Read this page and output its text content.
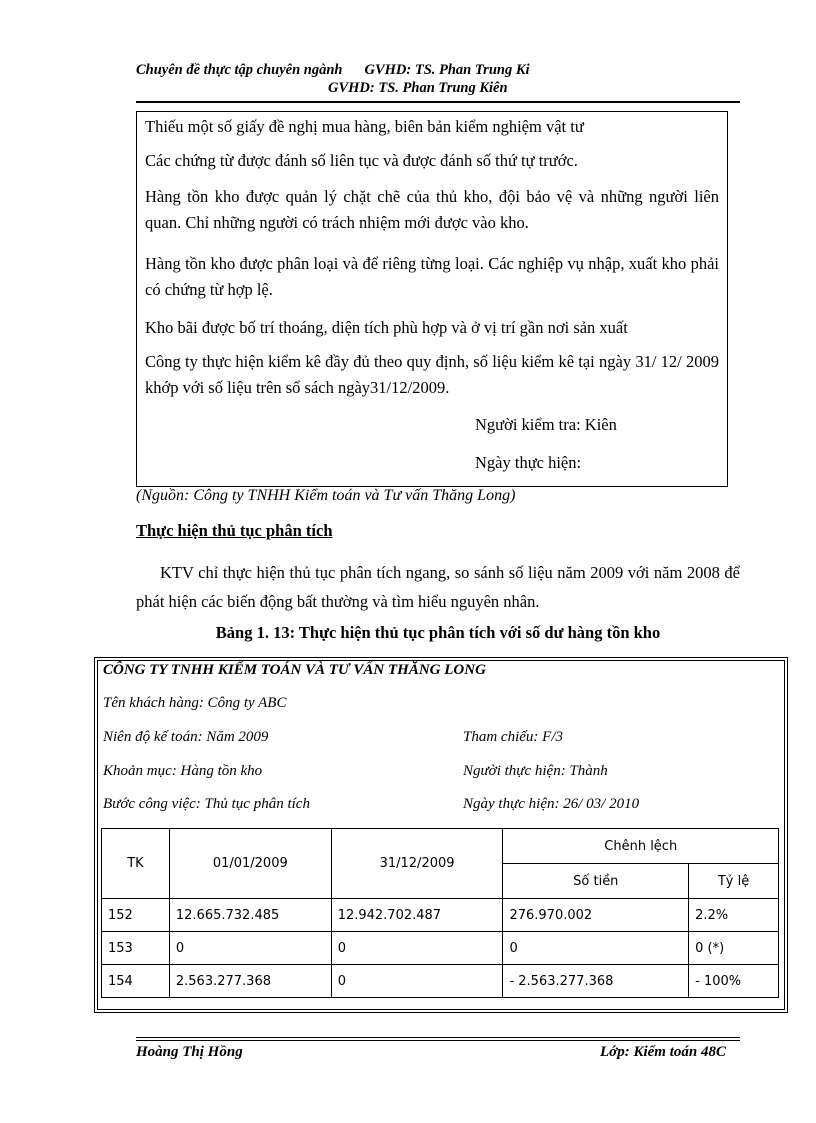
Chuyên đề thực tập chuyên ngành GVHD: TS. Phan Trung Ki
GVHD: TS. Phan Trung Kiên

Thiếu một số giấy đề nghị mua hàng, biên bản kiểm nghiệm vật tư

Các chứng từ được đánh số liên tục và được đánh số thứ tự trước.

Hàng tồn kho được quản lý chặt chẽ của thủ kho, đội bảo vệ và những người liên quan. Chỉ những người có trách nhiệm mới được vào kho.

Hàng tồn kho được phân loại và để riêng từng loại. Các nghiệp vụ nhập, xuất kho phải có chứng từ hợp lệ.

Kho bãi được bố trí thoáng, diện tích phù hợp và ở vị trí gần nơi sản xuất

Công ty thực hiện kiểm kê đầy đủ theo quy định, số liệu kiểm kê tại ngày 31/ 12/ 2009 khớp với số liệu trên sổ sách ngày31/12/2009.

Người kiểm tra: Kiên

Ngày thực hiện:

(Nguồn: Công ty TNHH Kiểm toán và Tư vấn Thăng Long)
Thực hiện thủ tục phân tích
KTV chỉ thực hiện thủ tục phân tích ngang, so sánh số liệu năm 2009 với năm 2008 để phát hiện các biến động bất thường và tìm hiểu nguyên nhân.
Bảng 1. 13: Thực hiện thủ tục phân tích với số dư hàng tồn kho
CÔNG TY TNHH KIỂM TOÁN VÀ TƯ VẤN THĂNG LONG
Tên khách hàng: Công ty ABC
Niên độ kế toán: Năm 2009	Tham chiếu: F/3
Khoản mục: Hàng tồn kho	Người thực hiện: Thành
Bước công việc: Thủ tục phân tích	Ngày thực hiện: 26/ 03/ 2010
TK	01/01/2009	31/12/2009	Chênh lệch	
			Số tiền	Tỷ lệ
152	12.665.732.485	12.942.702.487	276.970.002	2.2%
153	0	0	0	0 (*)
154	2.563.277.368	0	- 2.563.277.368	- 100%
Hoàng Thị Hồng	Lớp: Kiểm toán 48C
